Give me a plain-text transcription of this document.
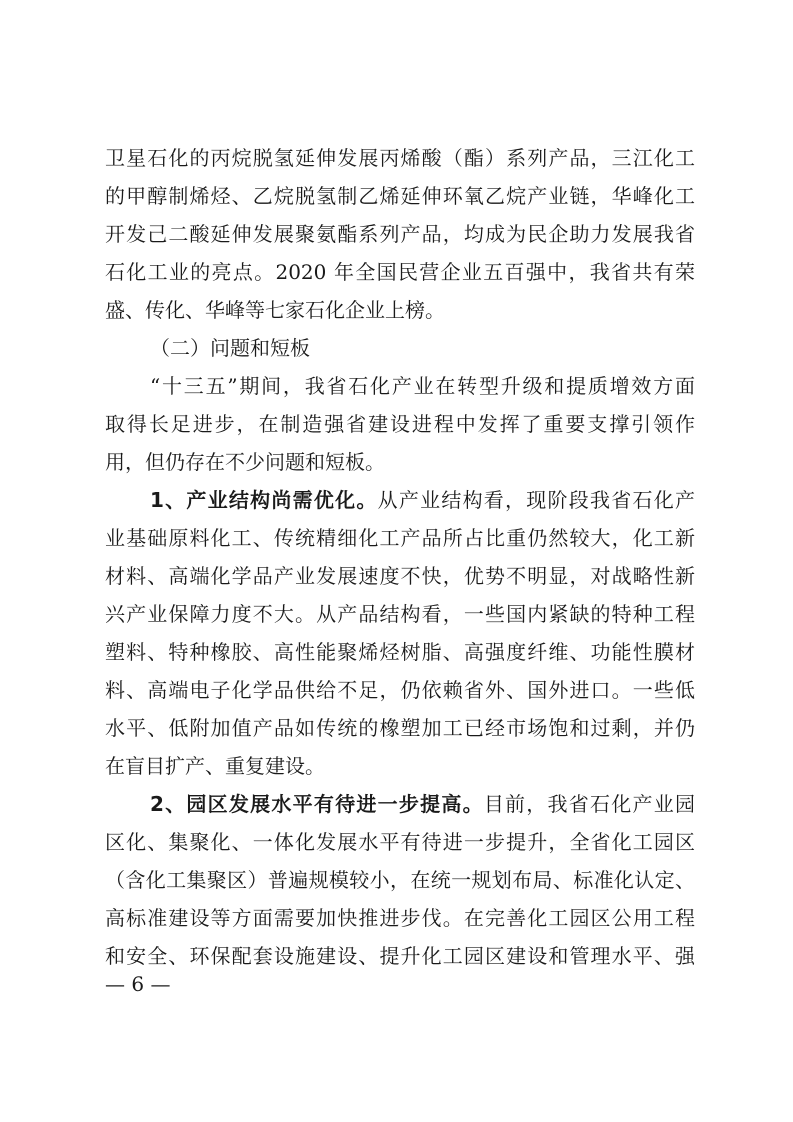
卫星石化的丙烷脱氢延伸发展丙烯酸（酯）系列产品，三江化工
的甲醇制烯烃、乙烷脱氢制乙烯延伸环氧乙烷产业链，华峰化工
开发己二酸延伸发展聚氨酯系列产品，均成为民企助力发展我省
石化工业的亮点。2020 年全国民营企业五百强中，我省共有荣
盛、传化、华峰等七家石化企业上榜。
（二）问题和短板
“十三五”期间，我省石化产业在转型升级和提质增效方面
取得长足进步，在制造强省建设进程中发挥了重要支撑引领作
用，但仍存在不少问题和短板。
1、产业结构尚需优化。从产业结构看，现阶段我省石化产
业基础原料化工、传统精细化工产品所占比重仍然较大，化工新
材料、高端化学品产业发展速度不快，优势不明显，对战略性新
兴产业保障力度不大。从产品结构看，一些国内紧缺的特种工程
塑料、特种橡胶、高性能聚烯烃树脂、高强度纤维、功能性膜材
料、高端电子化学品供给不足，仍依赖省外、国外进口。一些低
水平、低附加值产品如传统的橡塑加工已经市场饱和过剩，并仍
在盲目扩产、重复建设。
2、园区发展水平有待进一步提高。目前，我省石化产业园
区化、集聚化、一体化发展水平有待进一步提升，全省化工园区
（含化工集聚区）普遍规模较小，在统一规划布局、标准化认定、
高标准建设等方面需要加快推进步伐。在完善化工园区公用工程
和安全、环保配套设施建设、提升化工园区建设和管理水平、强
— 6 —
